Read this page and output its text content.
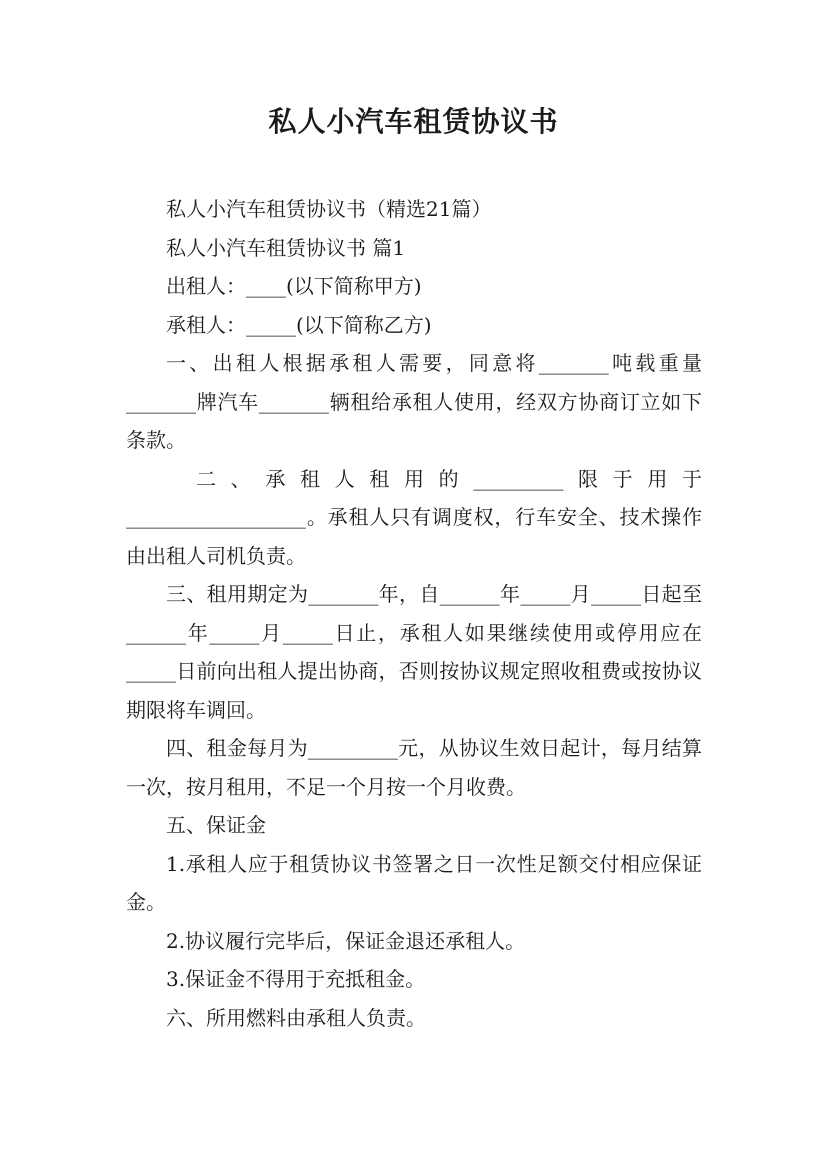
私人小汽车租赁协议书

私人小汽车租赁协议书（精选21篇）

私人小汽车租赁协议书 篇1

出租人：____(以下简称甲方)

承租人：_____(以下简称乙方)

一、出租人根据承租人需要，同意将_______吨载重量_______牌汽车_______辆租给承租人使用，经双方协商订立如下条款。

二、承租人租用的_________限于用于__________________。承租人只有调度权，行车安全、技术操作由出租人司机负责。

三、租用期定为_______年，自______年_____月_____日起至______年_____月_____日止，承租人如果继续使用或停用应在_____日前向出租人提出协商，否则按协议规定照收租费或按协议期限将车调回。

四、租金每月为_________元，从协议生效日起计，每月结算一次，按月租用，不足一个月按一个月收费。

五、保证金

1.承租人应于租赁协议书签署之日一次性足额交付相应保证金。

2.协议履行完毕后，保证金退还承租人。

3.保证金不得用于充抵租金。

六、所用燃料由承租人负责。
